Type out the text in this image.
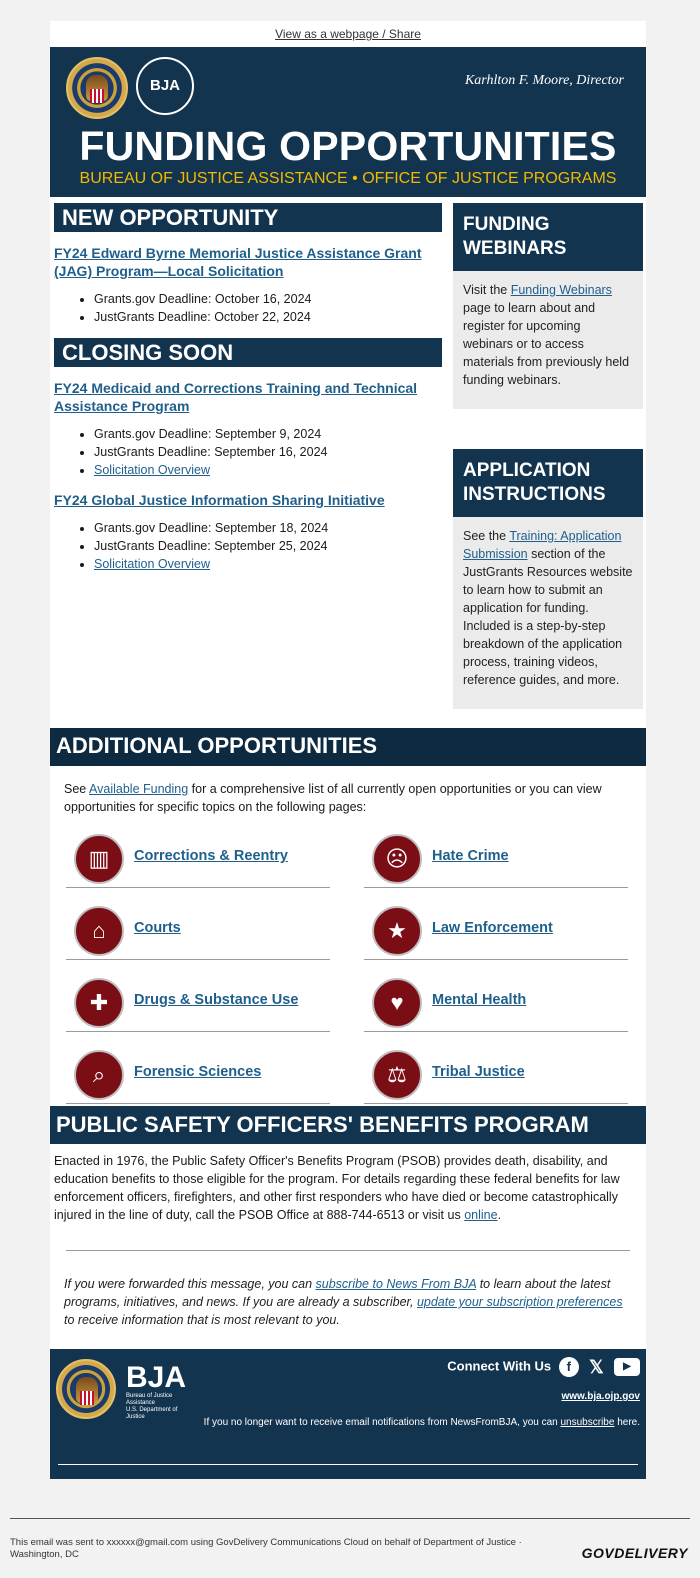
View as a webpage / Share
BJA	Karhlton F. Moore, Director
FUNDING OPPORTUNITIES
BUREAU OF JUSTICE ASSISTANCE • OFFICE OF JUSTICE PROGRAMS
NEW OPPORTUNITY
FY24 Edward Byrne Memorial Justice Assistance Grant (JAG) Program—Local Solicitation
• Grants.gov Deadline: October 16, 2024
• JustGrants Deadline: October 22, 2024
CLOSING SOON
FY24 Medicaid and Corrections Training and Technical Assistance Program
• Grants.gov Deadline: September 9, 2024
• JustGrants Deadline: September 16, 2024
• Solicitation Overview
FY24 Global Justice Information Sharing Initiative
• Grants.gov Deadline: September 18, 2024
• JustGrants Deadline: September 25, 2024
• Solicitation Overview
FUNDING WEBINARS
Visit the Funding Webinars page to learn about and register for upcoming webinars or to access materials from previously held funding webinars.
APPLICATION INSTRUCTIONS
See the Training: Application Submission section of the JustGrants Resources website to learn how to submit an application for funding. Included is a step-by-step breakdown of the application process, training videos, reference guides, and more.
ADDITIONAL OPPORTUNITIES
See Available Funding for a comprehensive list of all currently open opportunities or you can view opportunities for specific topics on the following pages:
▥	Corrections & Reentry	☹	Hate Crime
⌂	Courts	★	Law Enforcement
✚	Drugs & Substance Use	♥	Mental Health
⌕	Forensic Sciences	⚖	Tribal Justice
PUBLIC SAFETY OFFICERS' BENEFITS PROGRAM
Enacted in 1976, the Public Safety Officer's Benefits Program (PSOB) provides death, disability, and education benefits to those eligible for the program. For details regarding these federal benefits for law enforcement officers, firefighters, and other first responders who have died or become catastrophically injured in the line of duty, call the PSOB Office at 888-744-6513 or visit us online.
If you were forwarded this message, you can subscribe to News From BJA to learn about the latest programs, initiatives, and news. If you are already a subscriber, update your subscription preferences to receive information that is most relevant to you.
BJA
Bureau of Justice Assistance
U.S. Department of Justice
Connect With Us f 𝕏 ▶
www.bja.ojp.gov
If you no longer want to receive email notifications from NewsFromBJA, you can unsubscribe here.
This email was sent to xxxxxx@gmail.com using GovDelivery Communications Cloud on behalf of Department of Justice · Washington, DC	GOVDELIVERY
